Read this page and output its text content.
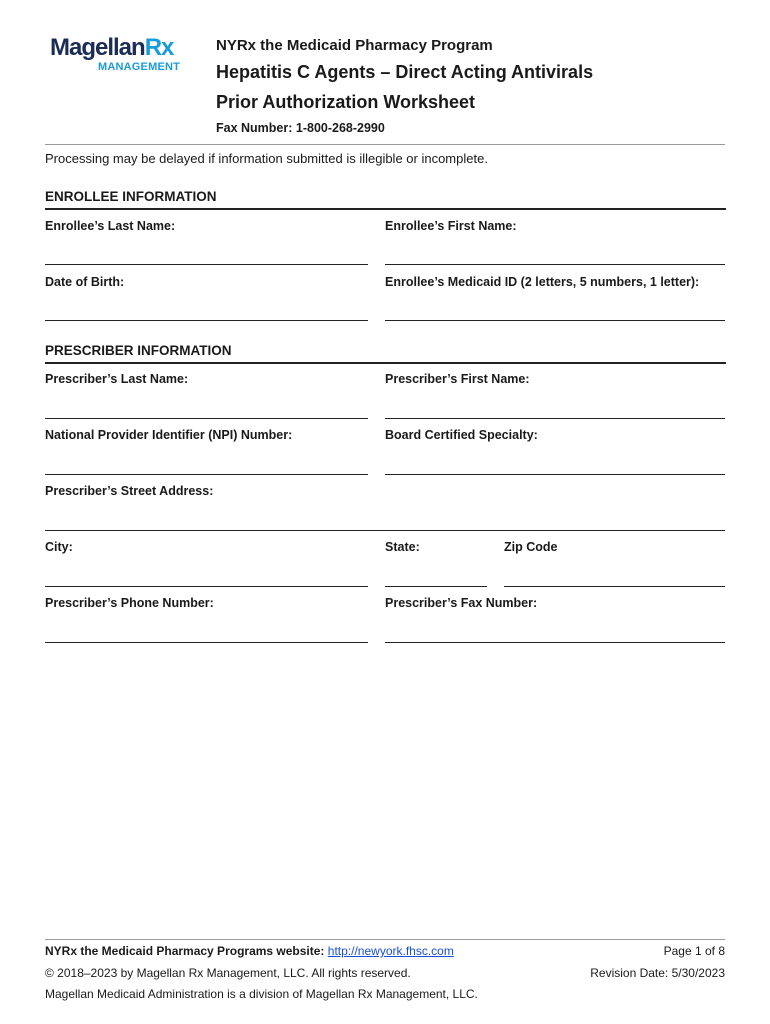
MagellanRx
MANAGEMENT
NYRx the Medicaid Pharmacy Program
Hepatitis C Agents – Direct Acting Antivirals
Prior Authorization Worksheet
Fax Number: 1-800-268-2990
Processing may be delayed if information submitted is illegible or incomplete.
ENROLLEE INFORMATION
Enrollee’s Last Name:	Enrollee’s First Name:
Date of Birth:	Enrollee’s Medicaid ID (2 letters, 5 numbers, 1 letter):
PRESCRIBER INFORMATION
Prescriber’s Last Name:	Prescriber’s First Name:
National Provider Identifier (NPI) Number:	Board Certified Specialty:
Prescriber’s Street Address:
City:	State:	Zip Code
Prescriber’s Phone Number:	Prescriber’s Fax Number:
NYRx the Medicaid Pharmacy Programs website: http://newyork.fhsc.com
© 2018–2023 by Magellan Rx Management, LLC. All rights reserved.
Magellan Medicaid Administration is a division of Magellan Rx Management, LLC.
Page 1 of 8
Revision Date: 5/30/2023
